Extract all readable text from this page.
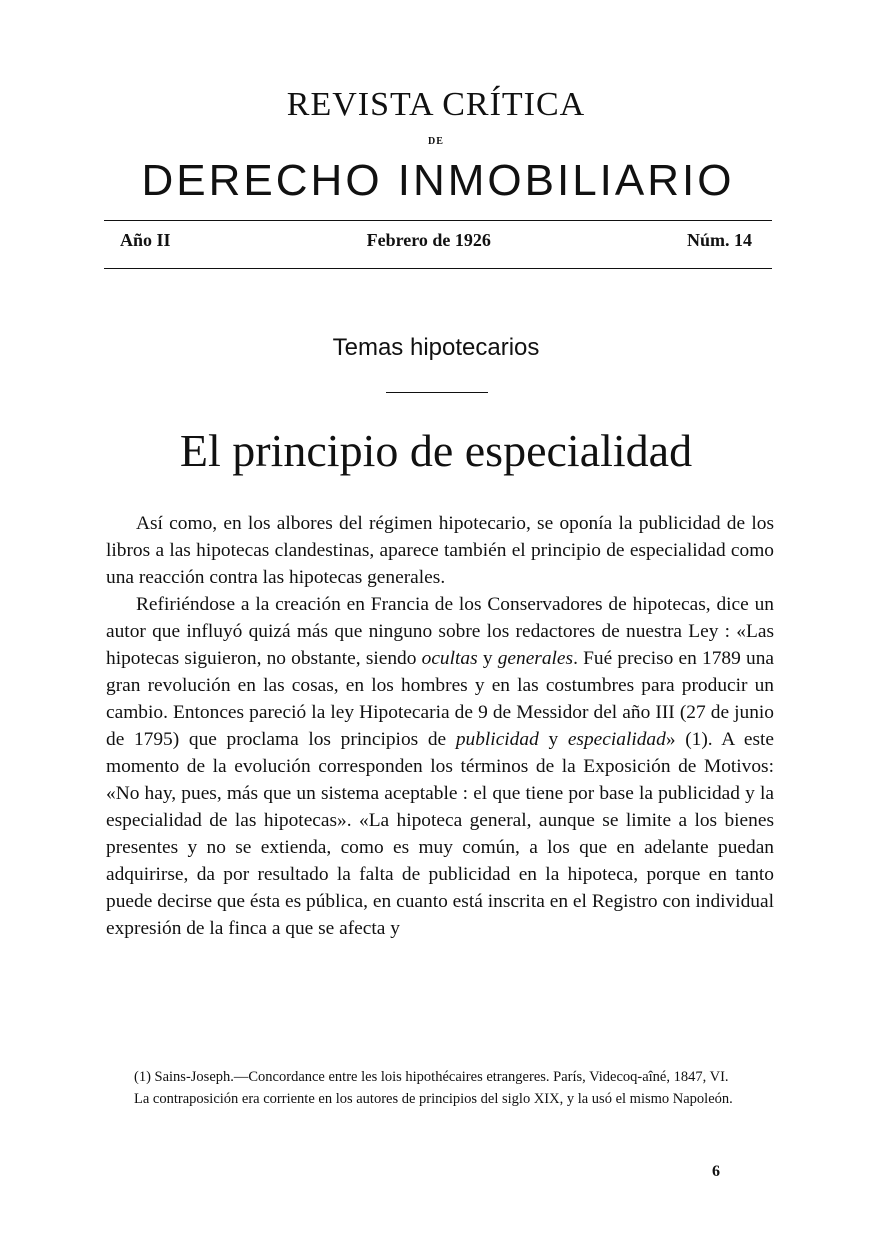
REVISTA CRÍTICA
DE
DERECHO INMOBILIARIO
Año II	Febrero de 1926	Núm. 14
Temas hipotecarios
El principio de especialidad

Así como, en los albores del régimen hipotecario, se oponía la publicidad de los libros a las hipotecas clandestinas, aparece también el principio de especialidad como una reacción contra las hipotecas generales.

Refiriéndose a la creación en Francia de los Conservadores de hipotecas, dice un autor que influyó quizá más que ninguno sobre los redactores de nuestra Ley : «Las hipotecas siguieron, no obstante, siendo ocultas y generales. Fué preciso en 1789 una gran revolución en las cosas, en los hombres y en las costumbres para producir un cambio. Entonces pareció la ley Hipotecaria de 9 de Messidor del año III (27 de junio de 1795) que proclama los principios de publicidad y especialidad» (1). A este momento de la evolución corresponden los términos de la Exposición de Motivos: «No hay, pues, más que un sistema aceptable : el que tiene por base la publicidad y la especialidad de las hipotecas». «La hipoteca general, aunque se limite a los bienes presentes y no se extienda, como es muy común, a los que en adelante puedan adquirirse, da por resultado la falta de publicidad en la hipoteca, porque en tanto puede decirse que ésta es pública, en cuanto está inscrita en el Registro con individual expresión de la finca a que se afecta y

(1) Sains-Joseph.—Concordance entre les lois hipothécaires etrangeres. París, Videcoq-aîné, 1847, VI.

La contraposición era corriente en los autores de principios del siglo XIX, y la usó el mismo Napoleón.

6
